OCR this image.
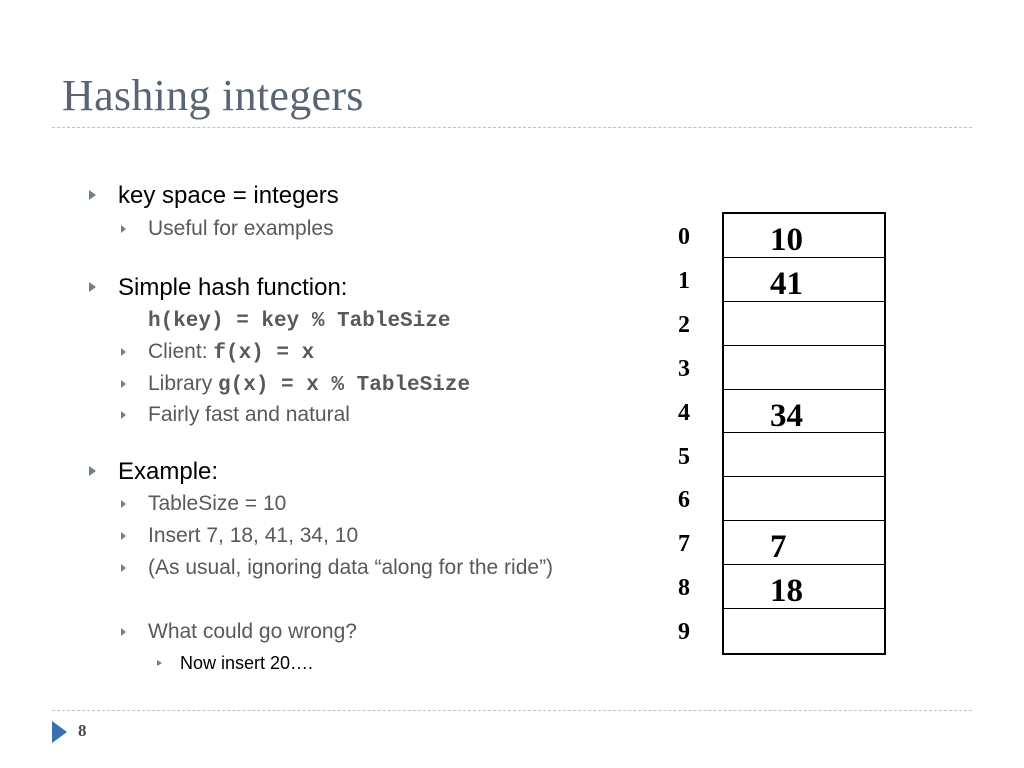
Hashing integers
key space = integers
Useful for examples
Simple hash function:
h(key) = key % TableSize
Client: f(x) = x
Library g(x) = x % TableSize
Fairly fast and natural
Example:
TableSize = 10
Insert 7, 18, 41, 34, 10
(As usual, ignoring data “along for the ride”)
What could go wrong?
Now insert 20….
10
41
34
7
18
0
1
2
3
4
5
6
7
8
9
8
